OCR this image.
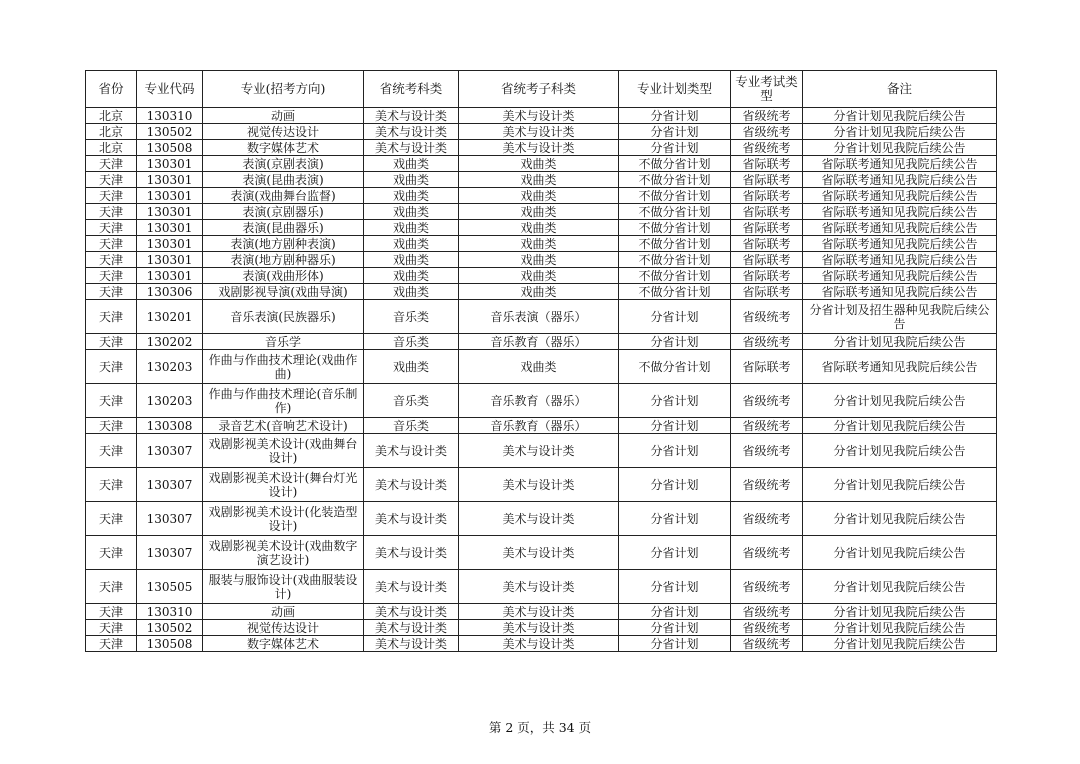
省份	专业代码	专业(招考方向)	省统考科类	省统考子科类	专业计划类型	专业考试类型	备注
北京	130310	动画	美术与设计类	美术与设计类	分省计划	省级统考	分省计划见我院后续公告
北京	130502	视觉传达设计	美术与设计类	美术与设计类	分省计划	省级统考	分省计划见我院后续公告
北京	130508	数字媒体艺术	美术与设计类	美术与设计类	分省计划	省级统考	分省计划见我院后续公告
天津	130301	表演(京剧表演)	戏曲类	戏曲类	不做分省计划	省际联考	省际联考通知见我院后续公告
天津	130301	表演(昆曲表演)	戏曲类	戏曲类	不做分省计划	省际联考	省际联考通知见我院后续公告
天津	130301	表演(戏曲舞台监督)	戏曲类	戏曲类	不做分省计划	省际联考	省际联考通知见我院后续公告
天津	130301	表演(京剧器乐)	戏曲类	戏曲类	不做分省计划	省际联考	省际联考通知见我院后续公告
天津	130301	表演(昆曲器乐)	戏曲类	戏曲类	不做分省计划	省际联考	省际联考通知见我院后续公告
天津	130301	表演(地方剧种表演)	戏曲类	戏曲类	不做分省计划	省际联考	省际联考通知见我院后续公告
天津	130301	表演(地方剧种器乐)	戏曲类	戏曲类	不做分省计划	省际联考	省际联考通知见我院后续公告
天津	130301	表演(戏曲形体)	戏曲类	戏曲类	不做分省计划	省际联考	省际联考通知见我院后续公告
天津	130306	戏剧影视导演(戏曲导演)	戏曲类	戏曲类	不做分省计划	省际联考	省际联考通知见我院后续公告
天津	130201	音乐表演(民族器乐)	音乐类	音乐表演（器乐）	分省计划	省级统考	分省计划及招生器种见我院后续公告
天津	130202	音乐学	音乐类	音乐教育（器乐）	分省计划	省级统考	分省计划见我院后续公告
天津	130203	作曲与作曲技术理论(戏曲作曲)	戏曲类	戏曲类	不做分省计划	省际联考	省际联考通知见我院后续公告
天津	130203	作曲与作曲技术理论(音乐制作)	音乐类	音乐教育（器乐）	分省计划	省级统考	分省计划见我院后续公告
天津	130308	录音艺术(音响艺术设计)	音乐类	音乐教育（器乐）	分省计划	省级统考	分省计划见我院后续公告
天津	130307	戏剧影视美术设计(戏曲舞台设计)	美术与设计类	美术与设计类	分省计划	省级统考	分省计划见我院后续公告
天津	130307	戏剧影视美术设计(舞台灯光设计)	美术与设计类	美术与设计类	分省计划	省级统考	分省计划见我院后续公告
天津	130307	戏剧影视美术设计(化装造型设计)	美术与设计类	美术与设计类	分省计划	省级统考	分省计划见我院后续公告
天津	130307	戏剧影视美术设计(戏曲数字演艺设计)	美术与设计类	美术与设计类	分省计划	省级统考	分省计划见我院后续公告
天津	130505	服装与服饰设计(戏曲服装设计)	美术与设计类	美术与设计类	分省计划	省级统考	分省计划见我院后续公告
天津	130310	动画	美术与设计类	美术与设计类	分省计划	省级统考	分省计划见我院后续公告
天津	130502	视觉传达设计	美术与设计类	美术与设计类	分省计划	省级统考	分省计划见我院后续公告
天津	130508	数字媒体艺术	美术与设计类	美术与设计类	分省计划	省级统考	分省计划见我院后续公告
第 2 页，共 34 页
